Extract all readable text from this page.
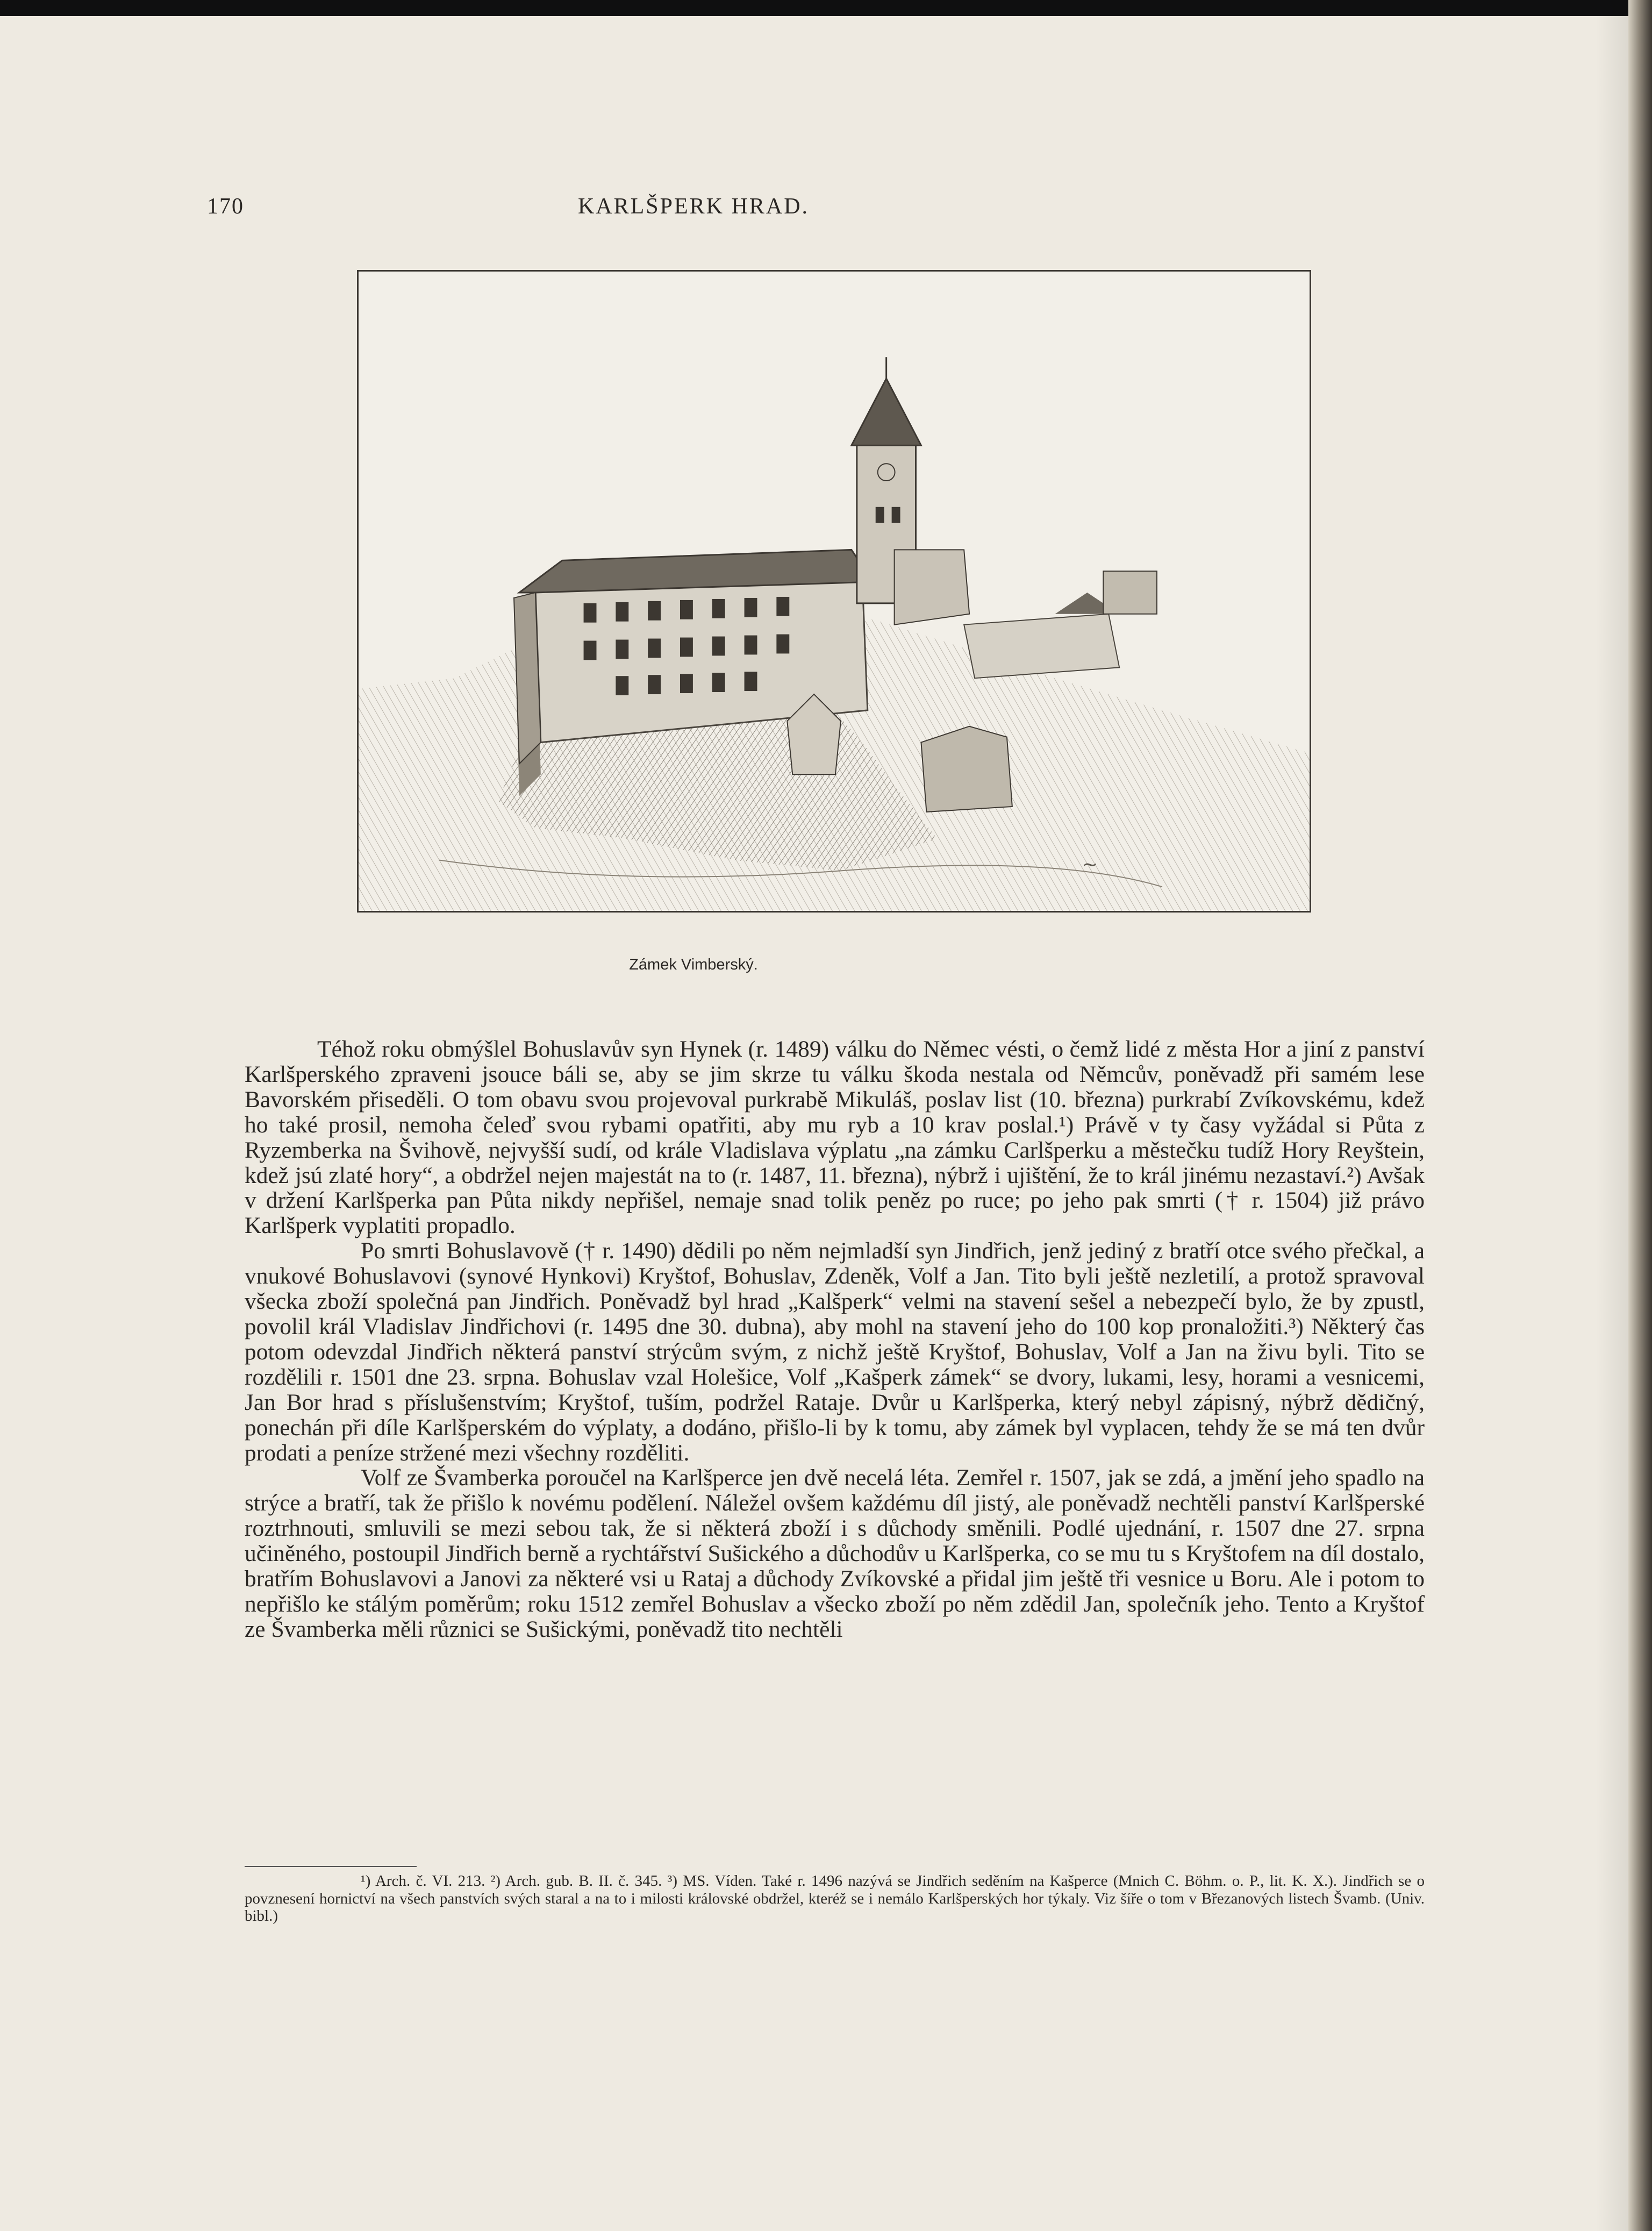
170	KARLŠPERK HRAD.
~
Zámek Vimberský.

Téhož roku obmýšlel Bohuslavův syn Hynek (r. 1489) válku do Němec vésti, o čemž lidé z města Hor a jiní z panství Karlšperského zpraveni jsouce báli se, aby se jim skrze tu válku škoda nestala od Němcův, poněvadž při samém lese Bavorském přiseděli. O tom obavu svou projevoval purkrabě Mikuláš, poslav list (10. března) purkrabí Zvíkovskému, kdež ho také prosil, nemoha čeleď svou rybami opatřiti, aby mu ryb a 10 krav poslal.¹) Právě v ty časy vyžádal si Půta z Ryzemberka na Švihově, nejvyšší sudí, od krále Vladislava výplatu „na zámku Carlšperku a městečku tudíž Hory Reyštein, kdež jsú zlaté hory“, a obdržel nejen majestát na to (r. 1487, 11. března), nýbrž i ujištění, že to král jinému nezastaví.²) Avšak v držení Karlšperka pan Půta nikdy nepřišel, nemaje snad tolik peněz po ruce; po jeho pak smrti († r. 1504) již právo Karlšperk vyplatiti propadlo.

Po smrti Bohuslavově († r. 1490) dědili po něm nejmladší syn Jindřich, jenž jediný z bratří otce svého přečkal, a vnukové Bohuslavovi (synové Hynkovi) Kryštof, Bohuslav, Zdeněk, Volf a Jan. Tito byli ještě nezletilí, a protož spravoval všecka zboží společná pan Jindřich. Poněvadž byl hrad „Kalšperk“ velmi na stavení sešel a nebezpečí bylo, že by zpustl, povolil král Vladislav Jindřichovi (r. 1495 dne 30. dubna), aby mohl na stavení jeho do 100 kop pronaložiti.³) Některý čas potom odevzdal Jindřich některá panství strýcům svým, z nichž ještě Kryštof, Bohuslav, Volf a Jan na živu byli. Tito se rozdělili r. 1501 dne 23. srpna. Bohuslav vzal Holešice, Volf „Kašperk zámek“ se dvory, lukami, lesy, horami a vesnicemi, Jan Bor hrad s příslušenstvím; Kryštof, tuším, podržel Rataje. Dvůr u Karlšperka, který nebyl zápisný, nýbrž dědičný, ponechán při díle Karlšperském do výplaty, a dodáno, přišlo-li by k tomu, aby zámek byl vyplacen, tehdy že se má ten dvůr prodati a peníze stržené mezi všechny rozděliti.

Volf ze Švamberka poroučel na Karlšperce jen dvě necelá léta. Zemřel r. 1507, jak se zdá, a jmění jeho spadlo na strýce a bratří, tak že přišlo k novému podělení. Náležel ovšem každému díl jistý, ale poněvadž nechtěli panství Karlšperské roztrhnouti, smluvili se mezi sebou tak, že si některá zboží i s důchody směnili. Podlé ujednání, r. 1507 dne 27. srpna učiněného, postoupil Jindřich berně a rychtářství Sušického a důchodův u Karlšperka, co se mu tu s Kryštofem na díl dostalo, bratřím Bohuslavovi a Janovi za některé vsi u Rataj a důchody Zvíkovské a přidal jim ještě tři vesnice u Boru. Ale i potom to nepřišlo ke stálým poměrům; roku 1512 zemřel Bohuslav a všecko zboží po něm zdědil Jan, společník jeho. Tento a Kryštof ze Švamberka měli různici se Sušickými, poněvadž tito nechtěli

¹) Arch. č. VI. 213. ²) Arch. gub. B. II. č. 345. ³) MS. Víden. Také r. 1496 nazývá se Jindřich seděním na Kašperce (Mnich C. Böhm. o. P., lit. K. X.). Jindřich se o povznesení hornictví na všech panstvích svých staral a na to i milosti královské obdržel, kteréž se i nemálo Karlšperských hor týkaly. Viz šíře o tom v Březanových listech Švamb. (Univ. bibl.)
